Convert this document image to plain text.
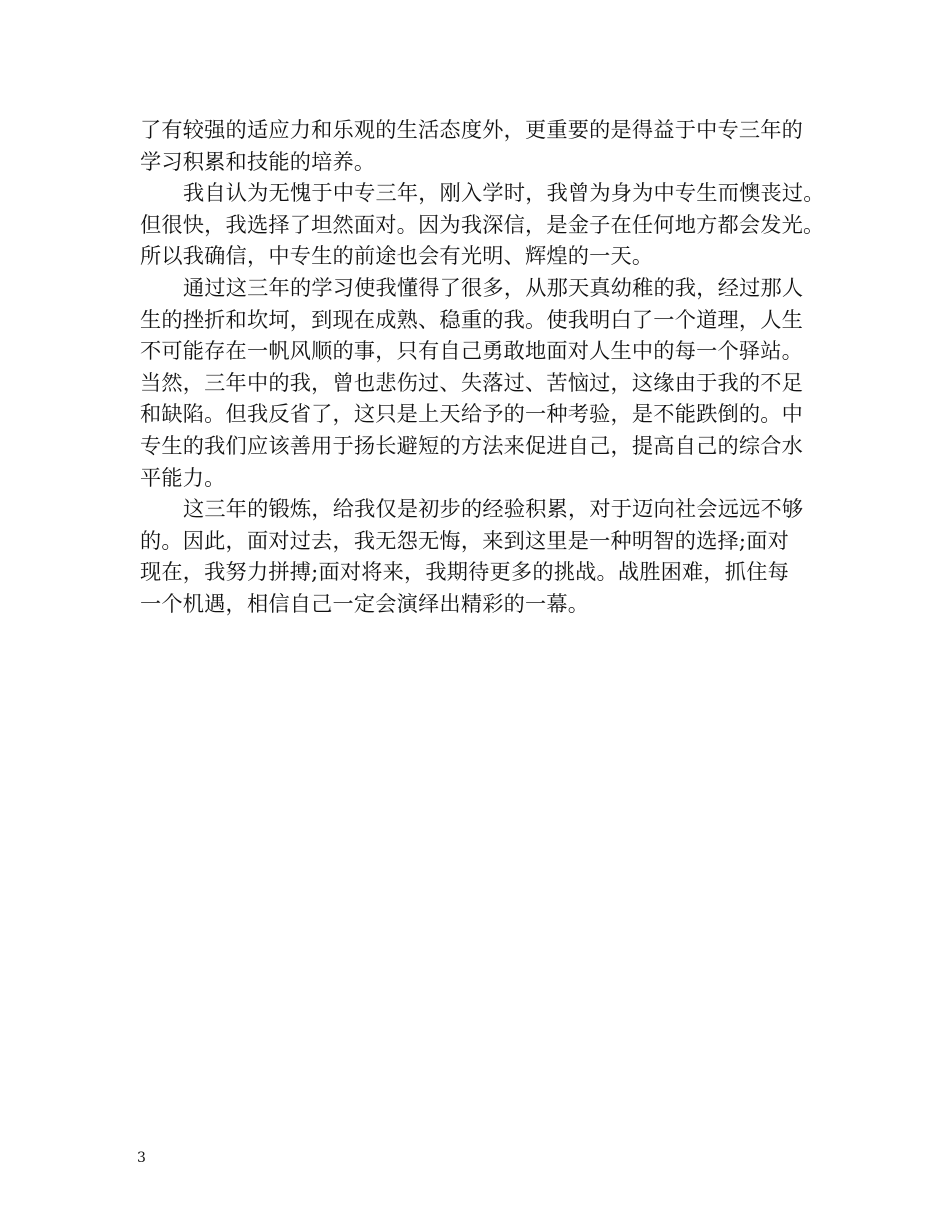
了有较强的适应力和乐观的生活态度外，更重要的是得益于中专三年的
学习积累和技能的培养。
我自认为无愧于中专三年，刚入学时，我曾为身为中专生而懊丧过。
但很快，我选择了坦然面对。因为我深信，是金子在任何地方都会发光。
所以我确信，中专生的前途也会有光明、辉煌的一天。
通过这三年的学习使我懂得了很多，从那天真幼稚的我，经过那人
生的挫折和坎坷，到现在成熟、稳重的我。使我明白了一个道理，人生
不可能存在一帆风顺的事，只有自己勇敢地面对人生中的每一个驿站。
当然，三年中的我，曾也悲伤过、失落过、苦恼过，这缘由于我的不足
和缺陷。但我反省了，这只是上天给予的一种考验，是不能跌倒的。中
专生的我们应该善用于扬长避短的方法来促进自己，提高自己的综合水
平能力。
这三年的锻炼，给我仅是初步的经验积累，对于迈向社会远远不够
的。因此，面对过去，我无怨无悔，来到这里是一种明智的选择;面对
现在，我努力拼搏;面对将来，我期待更多的挑战。战胜困难，抓住每
一个机遇，相信自己一定会演绎出精彩的一幕。
3
